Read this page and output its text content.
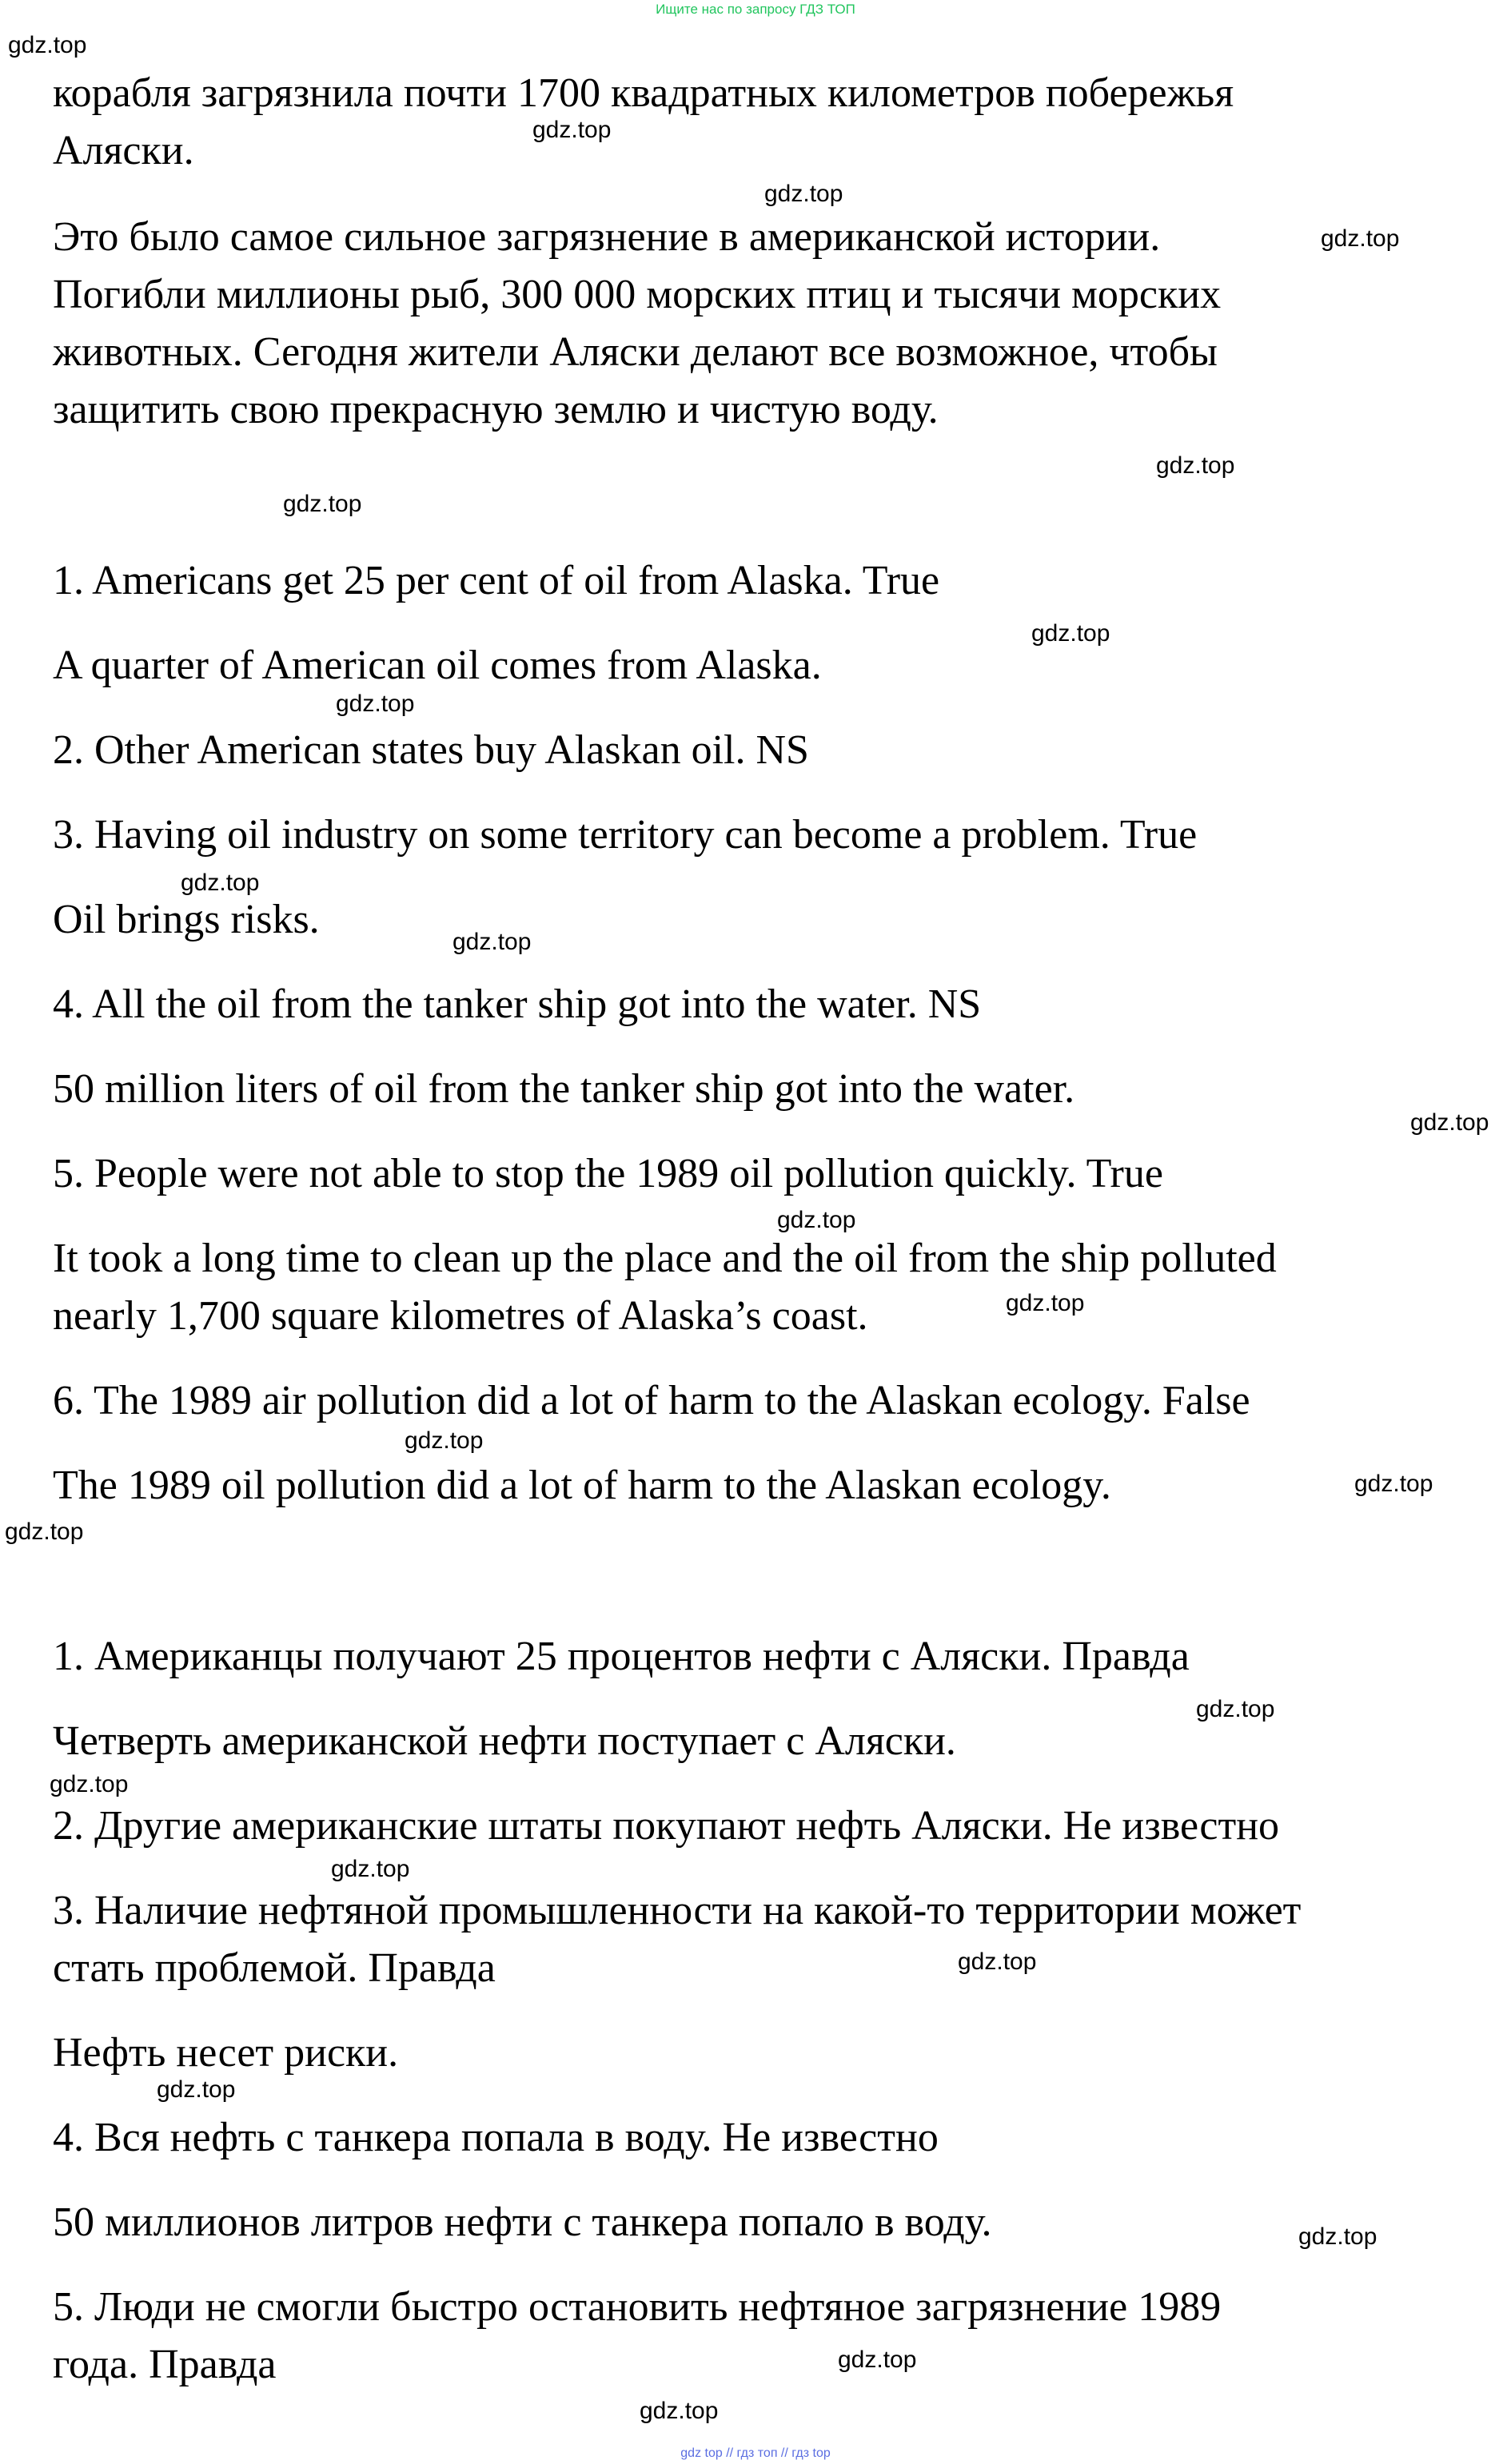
Ищите нас по запросу ГДЗ ТОП
корабля загрязнила почти 1700 квадратных километров побережья
Аляски.
Это было самое сильное загрязнение в американской истории.
Погибли миллионы рыб, 300 000 морских птиц и тысячи морских
животных. Сегодня жители Аляски делают все возможное, чтобы
защитить свою прекрасную землю и чистую воду.
1. Americans get 25 per cent of oil from Alaska. True
A quarter of American oil comes from Alaska.
2. Other American states buy Alaskan oil. NS
3. Having oil industry on some territory can become a problem. True
Oil brings risks.
4. All the oil from the tanker ship got into the water. NS
50 million liters of oil from the tanker ship got into the water.
5. People were not able to stop the 1989 oil pollution quickly. True
It took a long time to clean up the place and the oil from the ship polluted
nearly 1,700 square kilometres of Alaska’s coast.
6. The 1989 air pollution did a lot of harm to the Alaskan ecology. False
The 1989 oil pollution did a lot of harm to the Alaskan ecology.
1. Американцы получают 25 процентов нефти с Аляски. Правда
Четверть американской нефти поступает с Аляски.
2. Другие американские штаты покупают нефть Аляски. Не известно
3. Наличие нефтяной промышленности на какой-то территории может
стать проблемой. Правда
Нефть несет риски.
4. Вся нефть с танкера попала в воду. Не известно
50 миллионов литров нефти с танкера попало в воду.
5. Люди не смогли быстро остановить нефтяное загрязнение 1989
года. Правда
gdz.top
gdz.top
gdz.top
gdz.top
gdz.top
gdz.top
gdz.top
gdz.top
gdz.top
gdz.top
gdz.top
gdz.top
gdz.top
gdz.top
gdz.top
gdz.top
gdz.top
gdz.top
gdz.top
gdz.top
gdz.top
gdz.top
gdz.top
gdz.top
gdz top // гдз топ // гдз top
